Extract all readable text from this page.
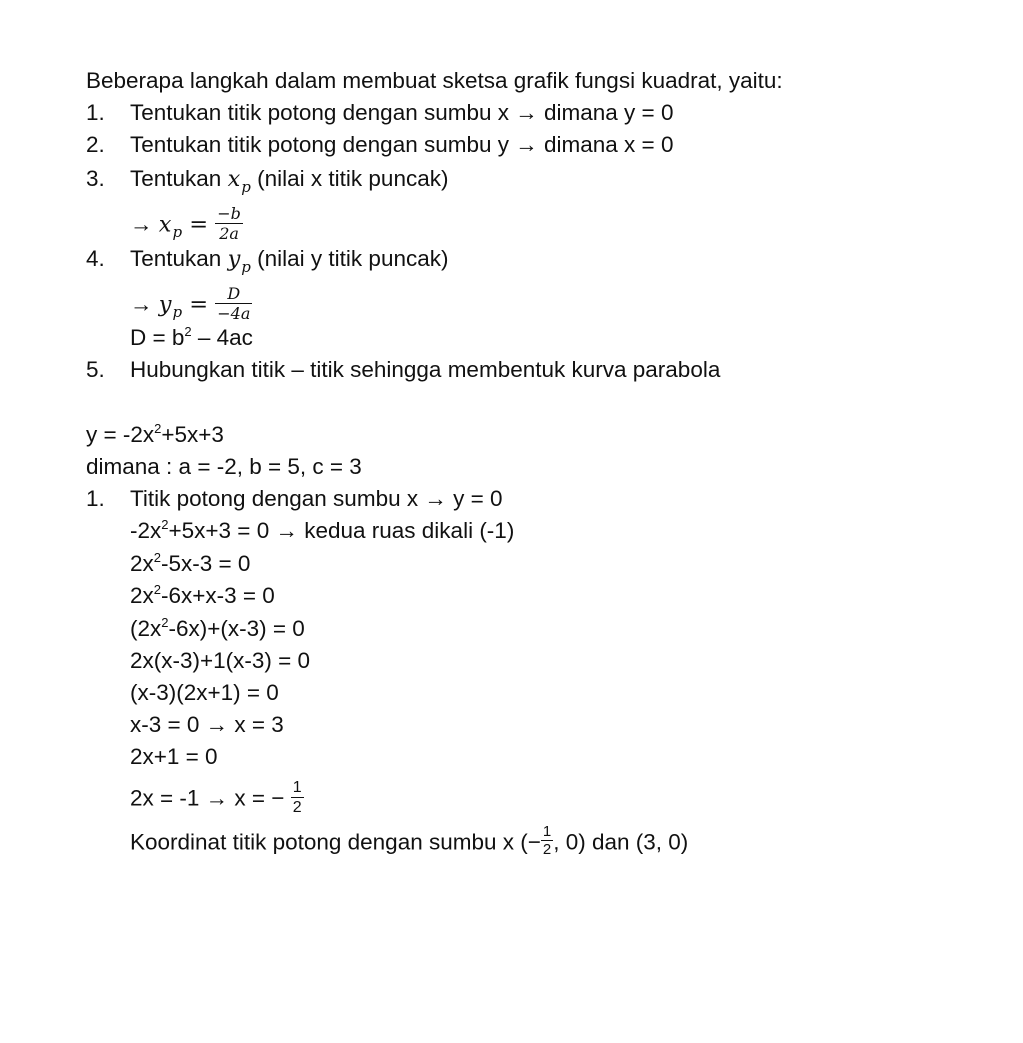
Beberapa langkah dalam membuat sketsa grafik fungsi kuadrat, yaitu:
1.	Tentukan titik potong dengan sumbu x → dimana y = 0
2.	Tentukan titik potong dengan sumbu y → dimana x = 0
3.	Tentukan $x_p$ (nilai x titik puncak)
→ $x_p = \frac{-b}{2a}$
4.	Tentukan $y_p$ (nilai y titik puncak)
→ $y_p = \frac{D}{-4a}$
$D = b^2 - 4ac$
5.	Hubungkan titik – titik sehingga membentuk kurva parabola
$y = -2x^2+5x+3$
dimana : a = -2, b = 5, c = 3
1.	Titik potong dengan sumbu x → y = 0
$-2x^2+5x+3 = 0$ → kedua ruas dikali (-1)
$2x^2-5x-3 = 0$
$2x^2-6x+x-3 = 0$
$(2x^2-6x)+(x-3) = 0$
2x(x-3)+1(x-3) = 0
(x-3)(2x+1) = 0
x-3 = 0 → x = 3
2x+1 = 0
2x = -1 → x = − $\frac{1}{2}$
Koordinat titik potong dengan sumbu x (− $\frac{1}{2}$ , 0) dan (3, 0)
